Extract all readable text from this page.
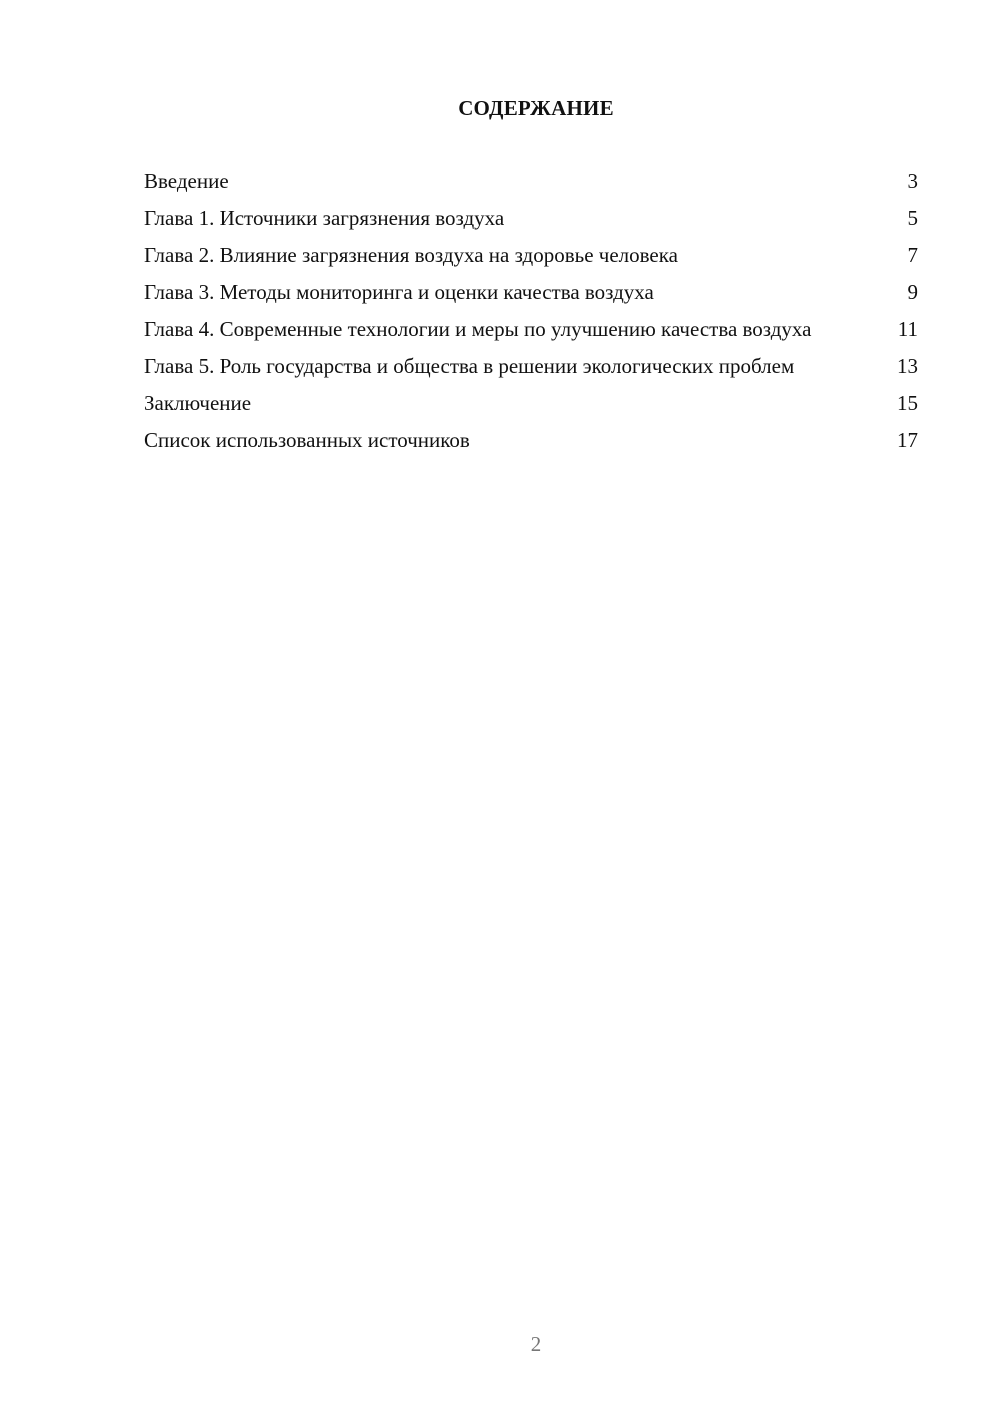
СОДЕРЖАНИЕ
Введение	3
Глава 1. Источники загрязнения воздуха	5
Глава 2. Влияние загрязнения воздуха на здоровье человека	7
Глава 3. Методы мониторинга и оценки качества воздуха	9
Глава 4. Современные технологии и меры по улучшению качества воздуха	11
Глава 5. Роль государства и общества в решении экологических проблем	13
Заключение	15
Список использованных источников	17
2
